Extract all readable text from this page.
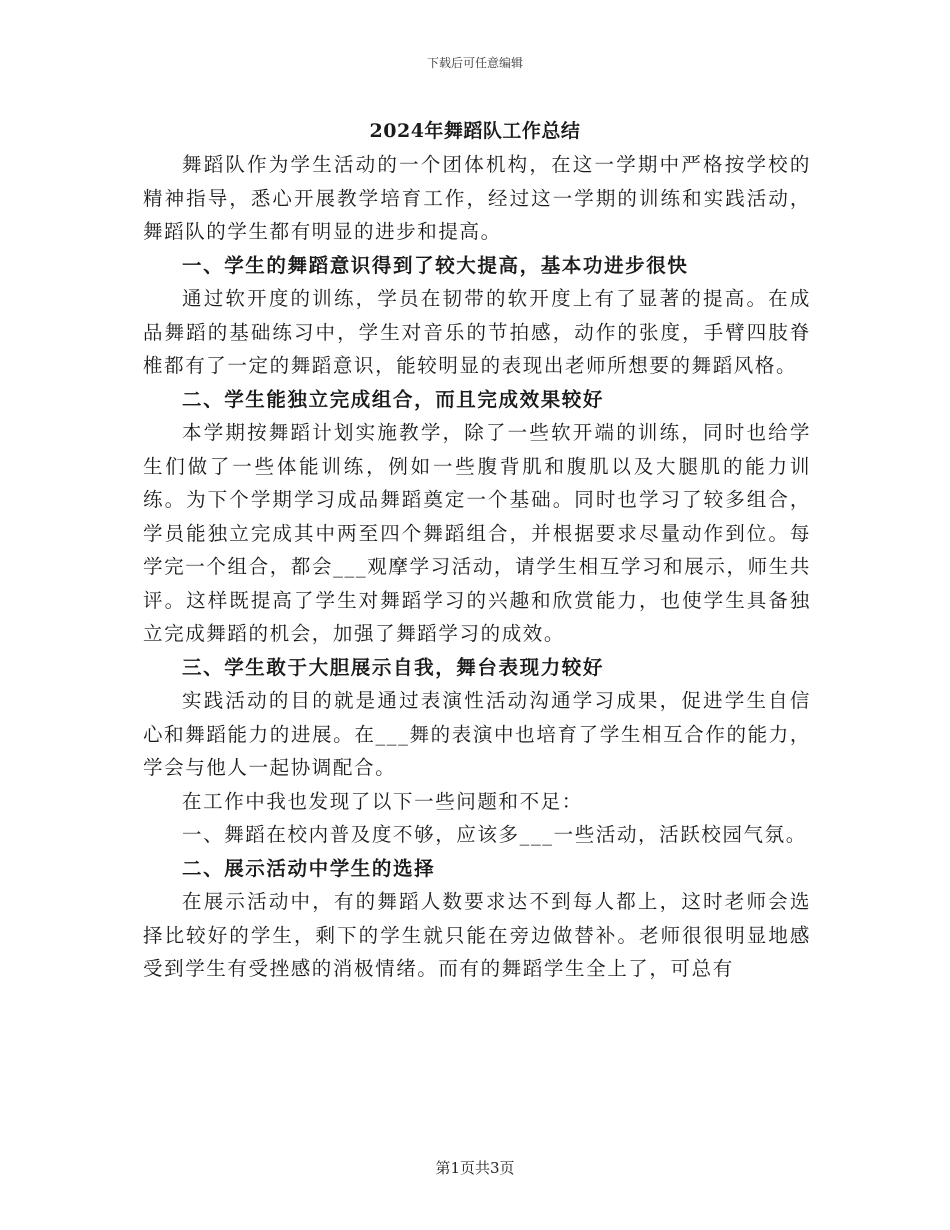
下载后可任意编辑
2024年舞蹈队工作总结

舞蹈队作为学生活动的一个团体机构，在这一学期中严格按学校的精神指导，悉心开展教学培育工作，经过这一学期的训练和实践活动，舞蹈队的学生都有明显的进步和提高。

一、学生的舞蹈意识得到了较大提高，基本功进步很快

通过软开度的训练，学员在韧带的软开度上有了显著的提高。在成品舞蹈的基础练习中，学生对音乐的节拍感，动作的张度，手臂四肢脊椎都有了一定的舞蹈意识，能较明显的表现出老师所想要的舞蹈风格。

二、学生能独立完成组合，而且完成效果较好

本学期按舞蹈计划实施教学，除了一些软开端的训练，同时也给学生们做了一些体能训练，例如一些腹背肌和腹肌以及大腿肌的能力训练。为下个学期学习成品舞蹈奠定一个基础。同时也学习了较多组合，学员能独立完成其中两至四个舞蹈组合，并根据要求尽量动作到位。每学完一个组合，都会___观摩学习活动，请学生相互学习和展示，师生共评。这样既提高了学生对舞蹈学习的兴趣和欣赏能力，也使学生具备独立完成舞蹈的机会，加强了舞蹈学习的成效。

三、学生敢于大胆展示自我，舞台表现力较好

实践活动的目的就是通过表演性活动沟通学习成果，促进学生自信心和舞蹈能力的进展。在___舞的表演中也培育了学生相互合作的能力，学会与他人一起协调配合。

在工作中我也发现了以下一些问题和不足：

一、舞蹈在校内普及度不够，应该多___一些活动，活跃校园气氛。

二、展示活动中学生的选择

在展示活动中，有的舞蹈人数要求达不到每人都上，这时老师会选择比较好的学生，剩下的学生就只能在旁边做替补。老师很很明显地感受到学生有受挫感的消极情绪。而有的舞蹈学生全上了，可总有

第1页共3页
